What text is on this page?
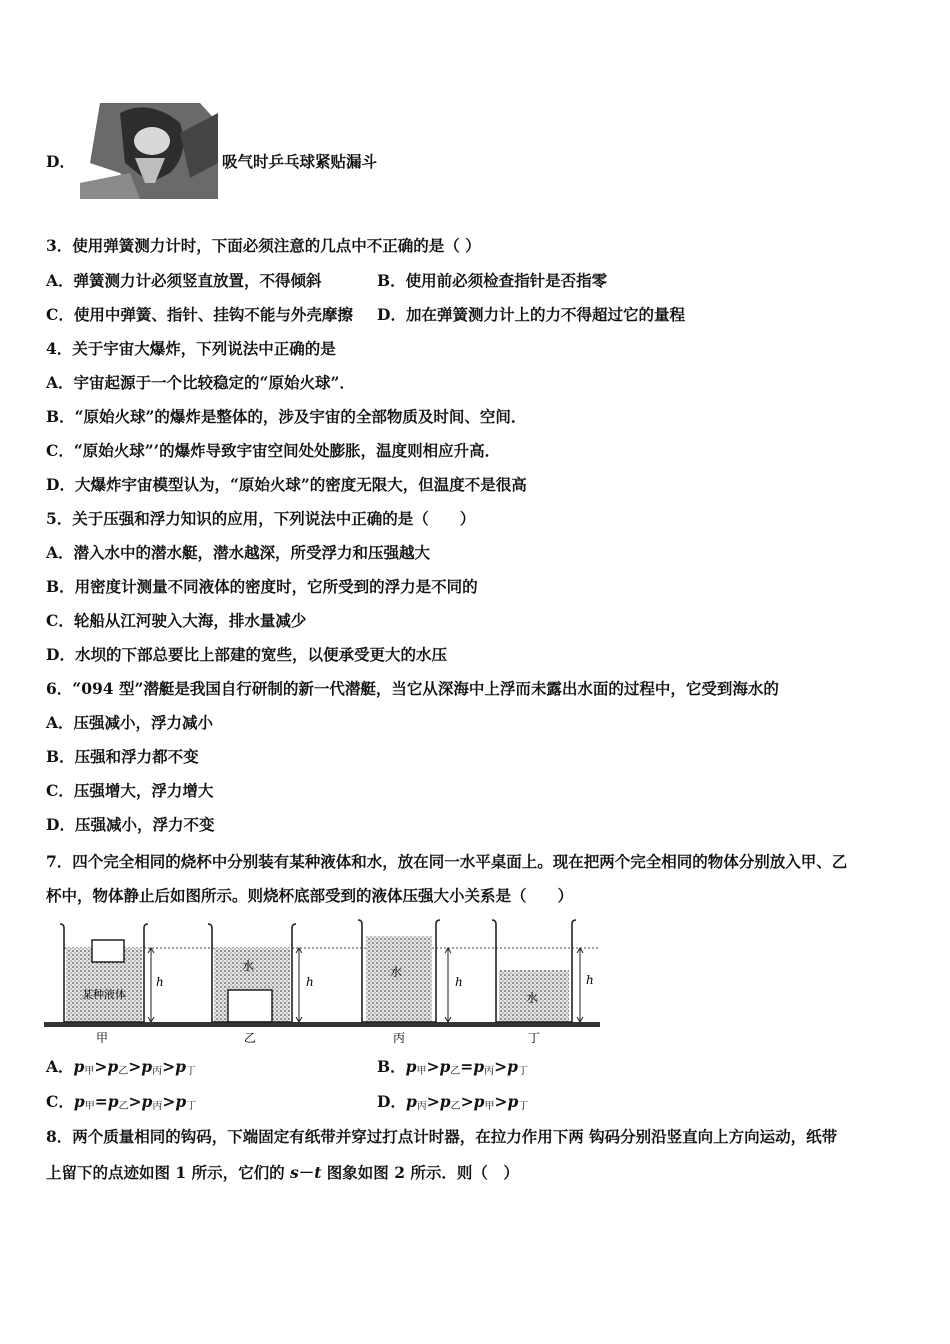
D．	吸气时乒乓球紧贴漏斗
3．使用弹簧测力计时，下面必须注意的几点中不正确的是（ ）
A．弹簧测力计必须竖直放置，不得倾斜	B．使用前必须检查指针是否指零
C．使用中弹簧、指针、挂钩不能与外壳摩擦 D．加在弹簧测力计上的力不得超过它的量程
4．关于宇宙大爆炸，下列说法中正确的是
A．宇宙起源于一个比较稳定的“原始火球”．
B．“原始火球”的爆炸是整体的，涉及宇宙的全部物质及时间、空间．
C．“原始火球”’的爆炸导致宇宙空间处处膨胀，温度则相应升高．
D．大爆炸宇宙模型认为，“原始火球”的密度无限大，但温度不是很高
5．关于压强和浮力知识的应用，下列说法中正确的是（　　）
A．潜入水中的潜水艇，潜水越深，所受浮力和压强越大
B．用密度计测量不同液体的密度时，它所受到的浮力是不同的
C．轮船从江河驶入大海，排水量减少
D．水坝的下部总要比上部建的宽些，以便承受更大的水压
6．“094 型”潜艇是我国自行研制的新一代潜艇，当它从深海中上浮而未露出水面的过程中，它受到海水的
A．压强减小，浮力减小
B．压强和浮力都不变
C．压强增大，浮力增大
D．压强减小，浮力不变
7．四个完全相同的烧杯中分别装有某种液体和水，放在同一水平桌面上。现在把两个完全相同的物体分别放入甲、乙
杯中，物体静止后如图所示。则烧杯底部受到的液体压强大小关系是（　　）
某种液体
h
水
h
水
h
水
h
甲	乙	丙	丁
A．$p_甲>p_乙>p_丙>p_丁$	B．$p_甲>p_乙=p_丙>p_丁$
C．$p_甲=p_乙>p_丙>p_丁$	D．$p_丙>p_乙>p_甲>p_丁$
8．两个质量相同的钩码，下端固定有纸带并穿过打点计时器，在拉力作用下两 钩码分别沿竖直向上方向运动，纸带
上留下的点迹如图 1 所示，它们的 s－t 图象如图 2 所示．则（　）
